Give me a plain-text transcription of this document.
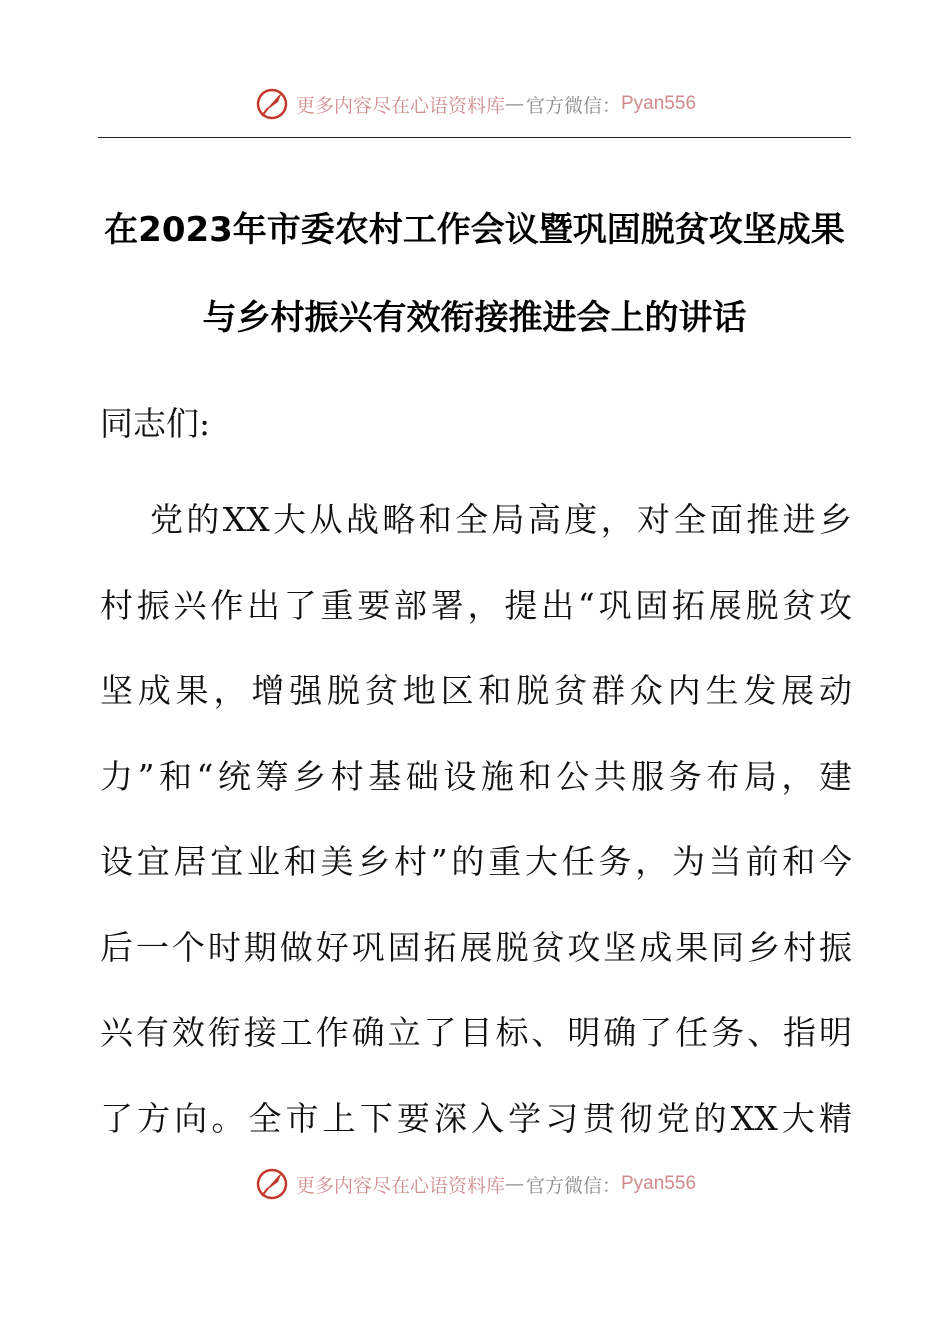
更多内容尽在心语资料库 — 官方微信： Pyan556
在2023年市委农村工作会议暨巩固脱贫攻坚成果
与乡村振兴有效衔接推进会上的讲话
同志们:
党的XX大从战略和全局高度，对全面推进乡
村振兴作出了重要部署，提出“巩固拓展脱贫攻
坚成果，增强脱贫地区和脱贫群众内生发展动
力”和“统筹乡村基础设施和公共服务布局，建
设宜居宜业和美乡村”的重大任务，为当前和今
后一个时期做好巩固拓展脱贫攻坚成果同乡村振
兴有效衔接工作确立了目标、明确了任务、指明
了方向。全市上下要深入学习贯彻党的XX大精
更多内容尽在心语资料库 — 官方微信： Pyan556
